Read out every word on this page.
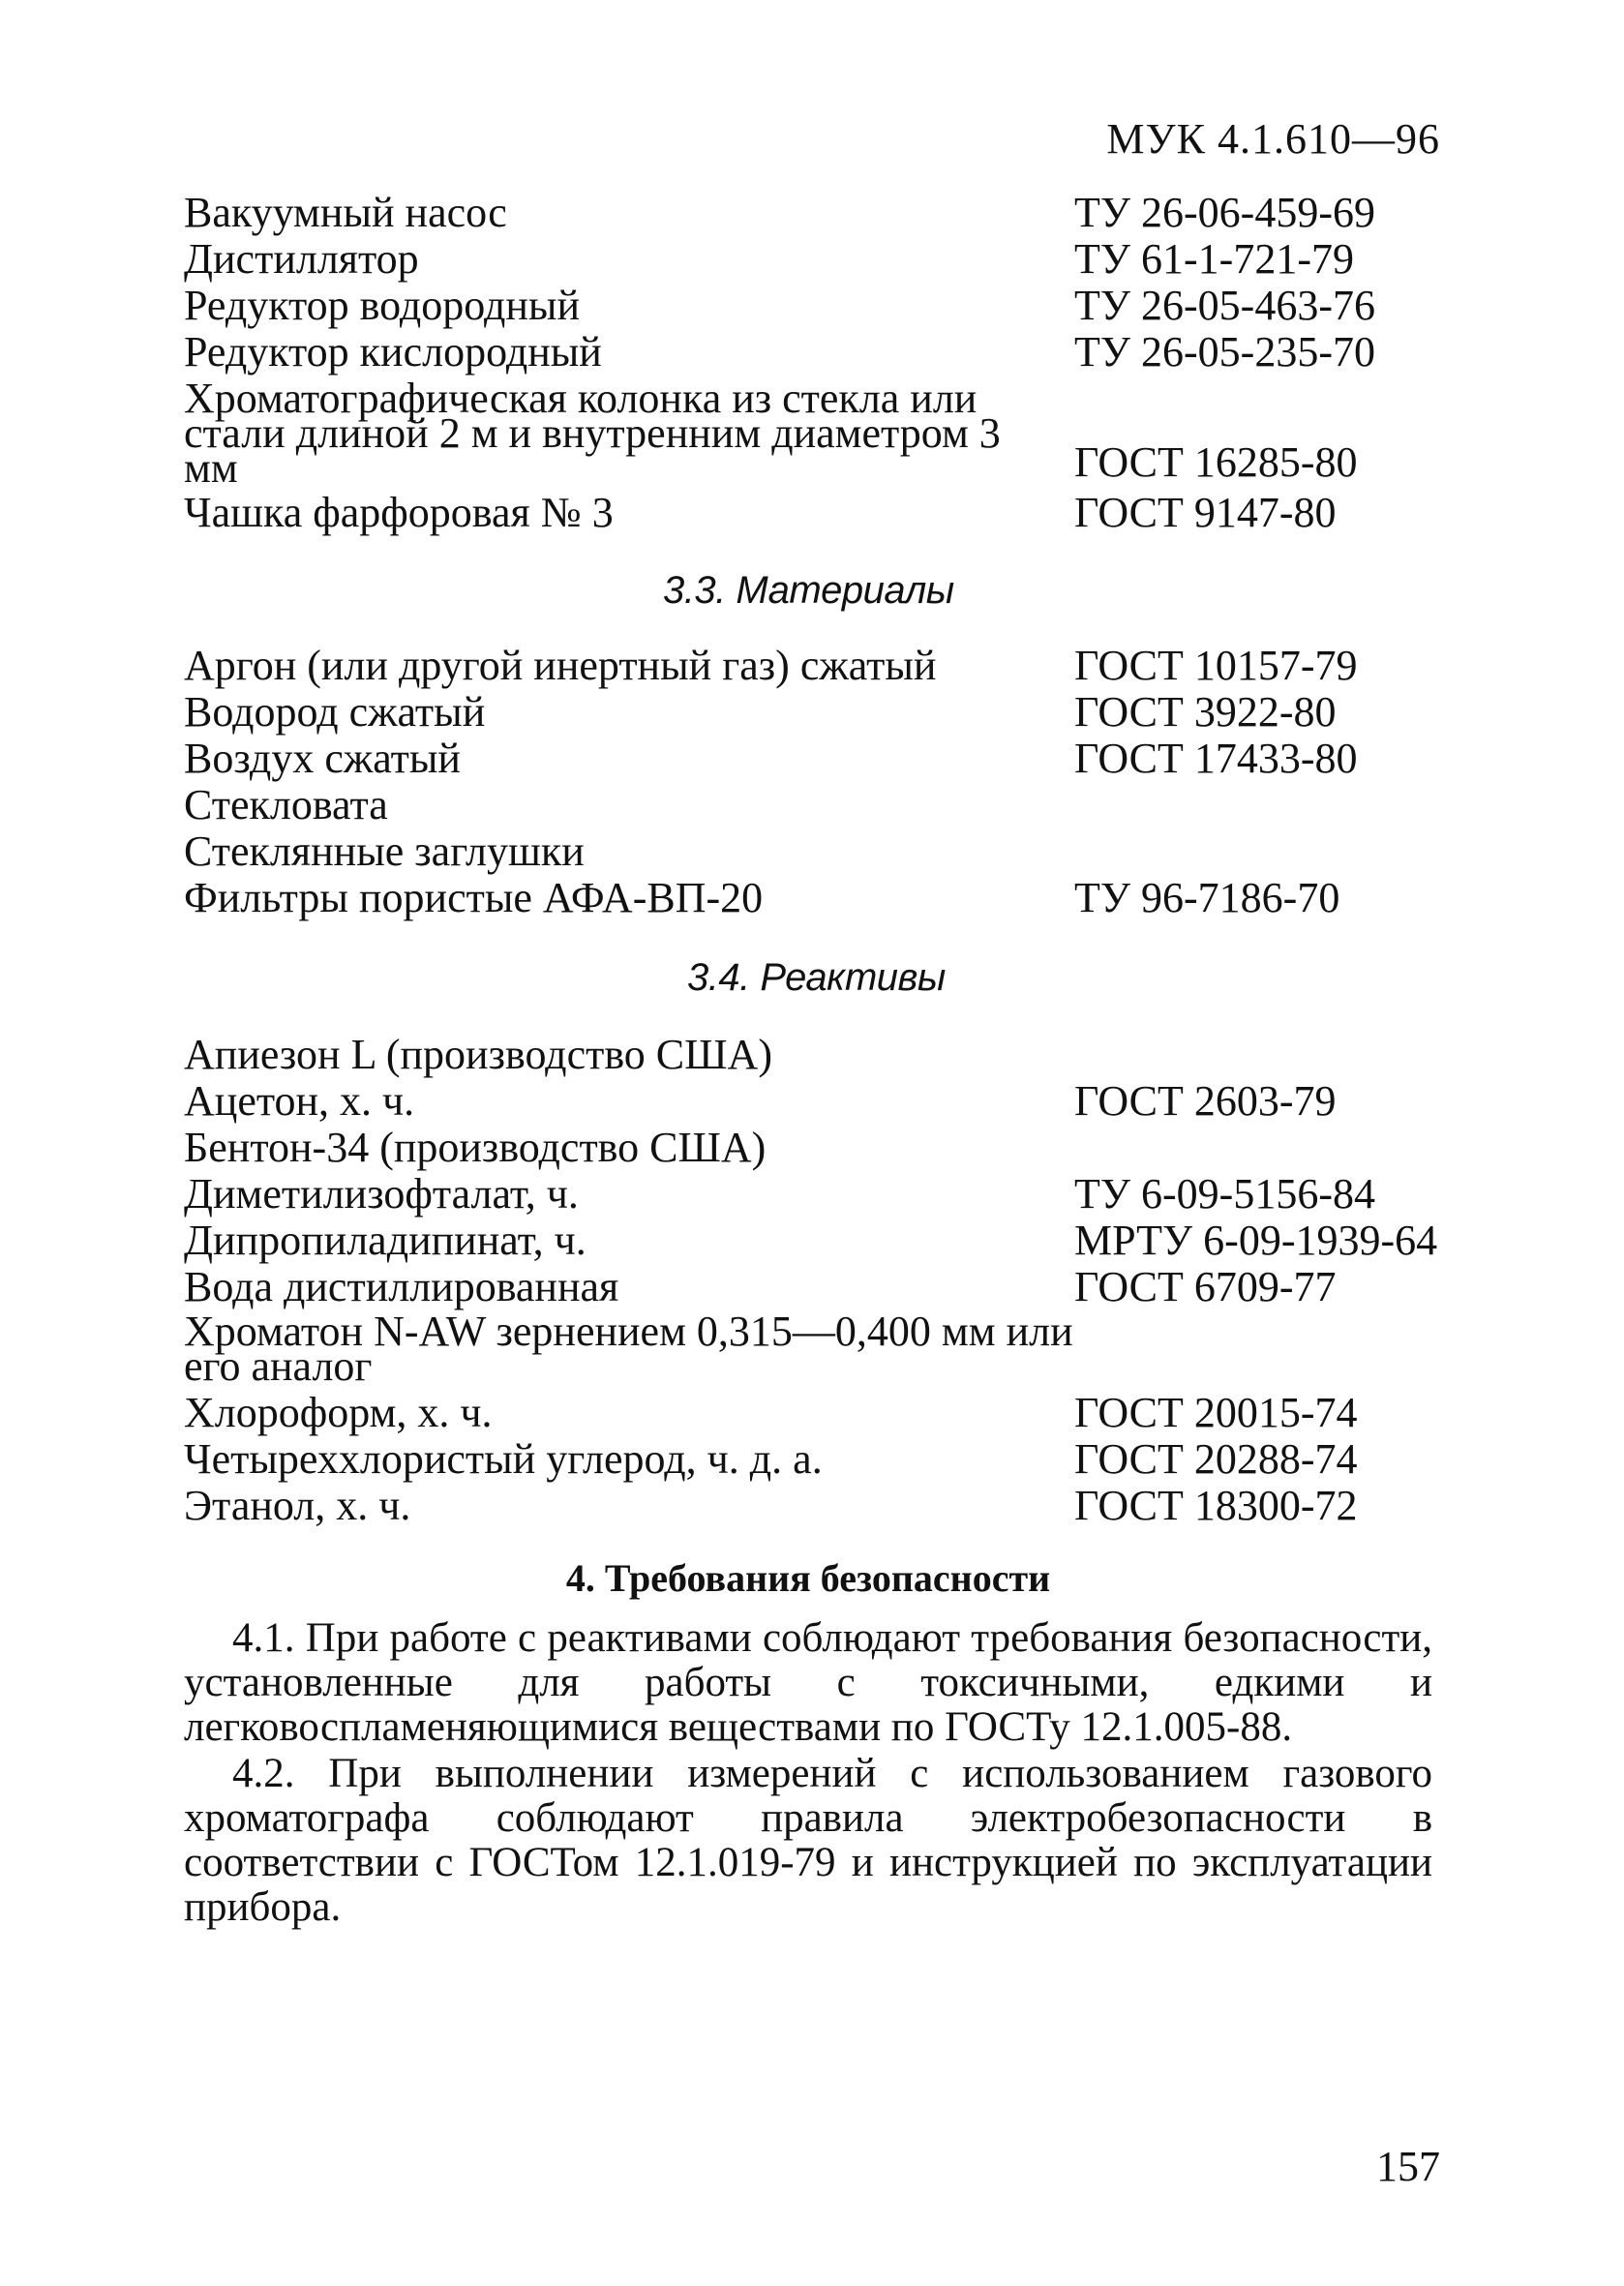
МУК 4.1.610—96
Вакуумный насос	ТУ 26-06-459-69
Дистиллятор	ТУ 61-1-721-79
Редуктор водородный	ТУ 26-05-463-76
Редуктор кислородный	ТУ 26-05-235-70
Хроматографическая колонка из стекла или стали длиной 2 м и внутренним диаметром 3 мм	ГОСТ 16285-80
Чашка фарфоровая № 3	ГОСТ 9147-80
3.3. Материалы
Аргон (или другой инертный газ) сжатый	ГОСТ 10157-79
Водород сжатый	ГОСТ 3922-80
Воздух сжатый	ГОСТ 17433-80
Стекловата
Стеклянные заглушки
Фильтры пористые АФА-ВП-20	ТУ 96-7186-70
3.4. Реактивы
Апиезон L (производство США)
Ацетон, х. ч.	ГОСТ 2603-79
Бентон-34 (производство США)
Диметилизофталат, ч.	ТУ 6-09-5156-84
Дипропиладипинат, ч.	МРТУ 6-09-1939-64
Вода дистиллированная	ГОСТ 6709-77
Хроматон N-AW зернением 0,315—0,400 мм или его аналог
Хлороформ, х. ч.	ГОСТ 20015-74
Четыреххлористый углерод, ч. д. а.	ГОСТ 20288-74
Этанол, х. ч.	ГОСТ 18300-72
4. Требования безопасности
4.1. При работе с реактивами соблюдают требования безопасности, установленные для работы с токсичными, едкими и легковоспламеняющимися веществами по ГОСТу 12.1.005-88.
4.2. При выполнении измерений с использованием газового хроматографа соблюдают правила электробезопасности в соответствии с ГОСТом 12.1.019-79 и инструкцией по эксплуатации прибора.
157
